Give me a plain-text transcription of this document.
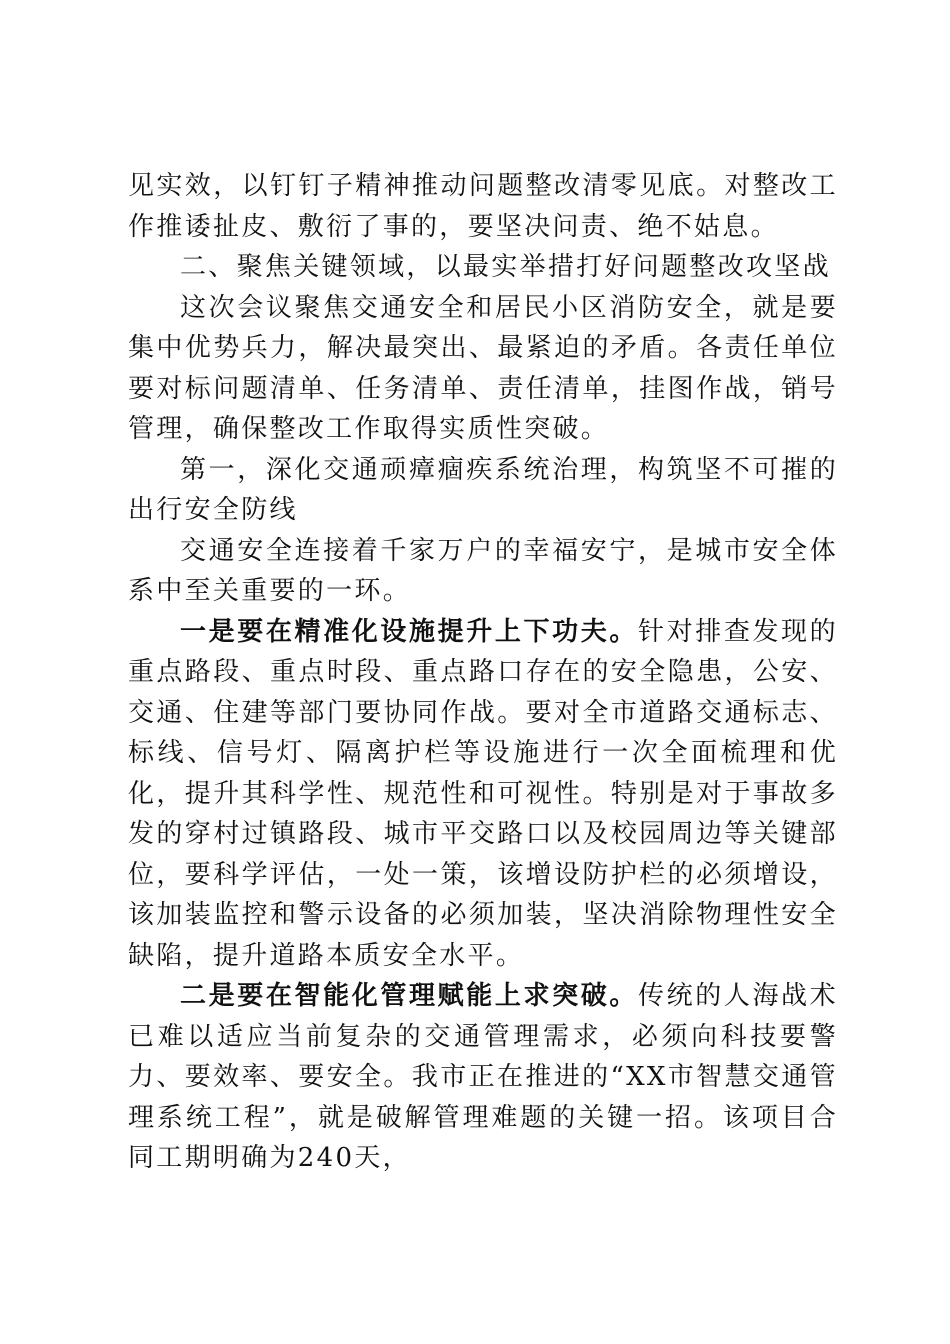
见实效，以钉钉子精神推动问题整改清零见底。对整改工作推诿扯皮、敷衍了事的，要坚决问责、绝不姑息。

二、聚焦关键领域，以最实举措打好问题整改攻坚战

这次会议聚焦交通安全和居民小区消防安全，就是要集中优势兵力，解决最突出、最紧迫的矛盾。各责任单位要对标问题清单、任务清单、责任清单，挂图作战，销号管理，确保整改工作取得实质性突破。

第一，深化交通顽瘴痼疾系统治理，构筑坚不可摧的出行安全防线

交通安全连接着千家万户的幸福安宁，是城市安全体系中至关重要的一环。

一是要在精准化设施提升上下功夫。针对排查发现的重点路段、重点时段、重点路口存在的安全隐患，公安、交通、住建等部门要协同作战。要对全市道路交通标志、标线、信号灯、隔离护栏等设施进行一次全面梳理和优化，提升其科学性、规范性和可视性。特别是对于事故多发的穿村过镇路段、城市平交路口以及校园周边等关键部位，要科学评估，一处一策，该增设防护栏的必须增设，该加装监控和警示设备的必须加装，坚决消除物理性安全缺陷，提升道路本质安全水平。

二是要在智能化管理赋能上求突破。传统的人海战术已难以适应当前复杂的交通管理需求，必须向科技要警力、要效率、要安全。我市正在推进的“XX市智慧交通管理系统工程”，就是破解管理难题的关键一招。该项目合同工期明确为240天，
